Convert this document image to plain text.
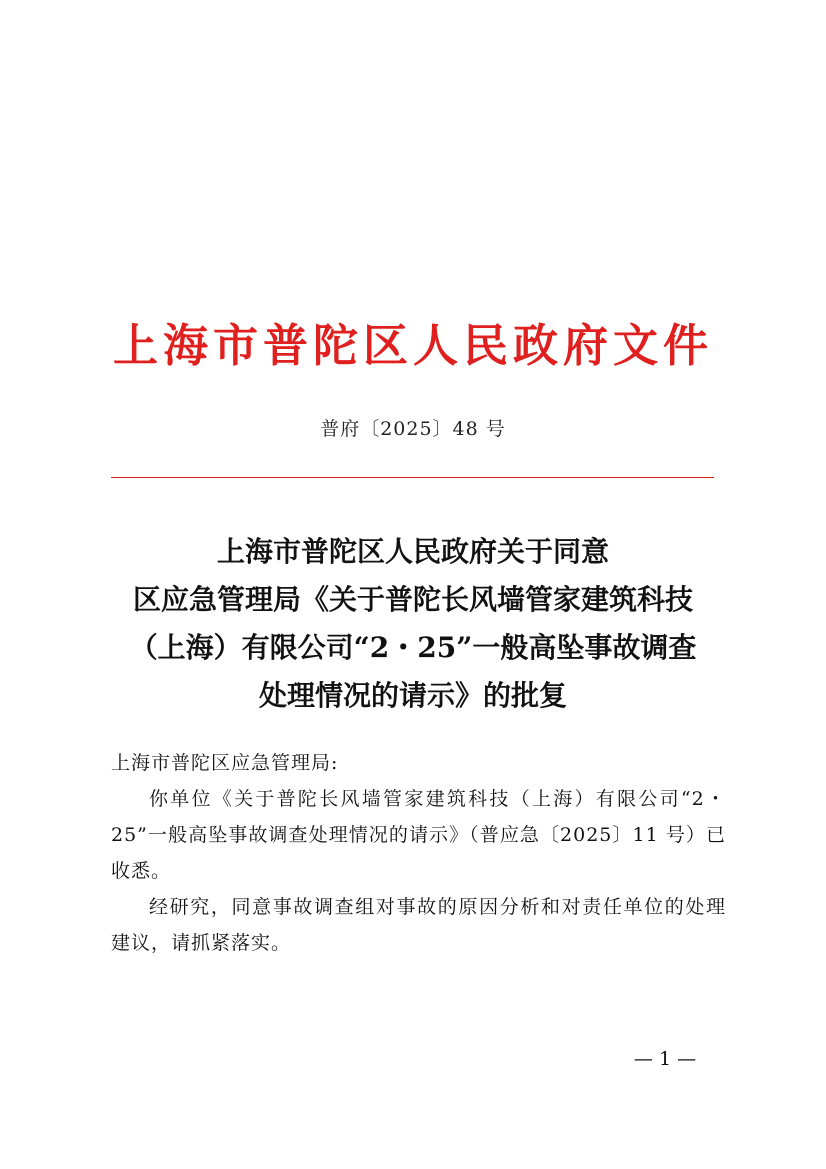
上海市普陀区人民政府文件
普府〔2025〕48 号
上海市普陀区人民政府关于同意
区应急管理局《关于普陀长风墙管家建筑科技
（上海）有限公司“2・25”一般高坠事故调查
处理情况的请示》的批复
上海市普陀区应急管理局:

你单位《关于普陀长风墙管家建筑科技（上海）有限公司“2・25”一般高坠事故调查处理情况的请示》（普应急〔2025〕11 号）已收悉。

经研究，同意事故调查组对事故的原因分析和对责任单位的处理建议，请抓紧落实。

— 1 —
